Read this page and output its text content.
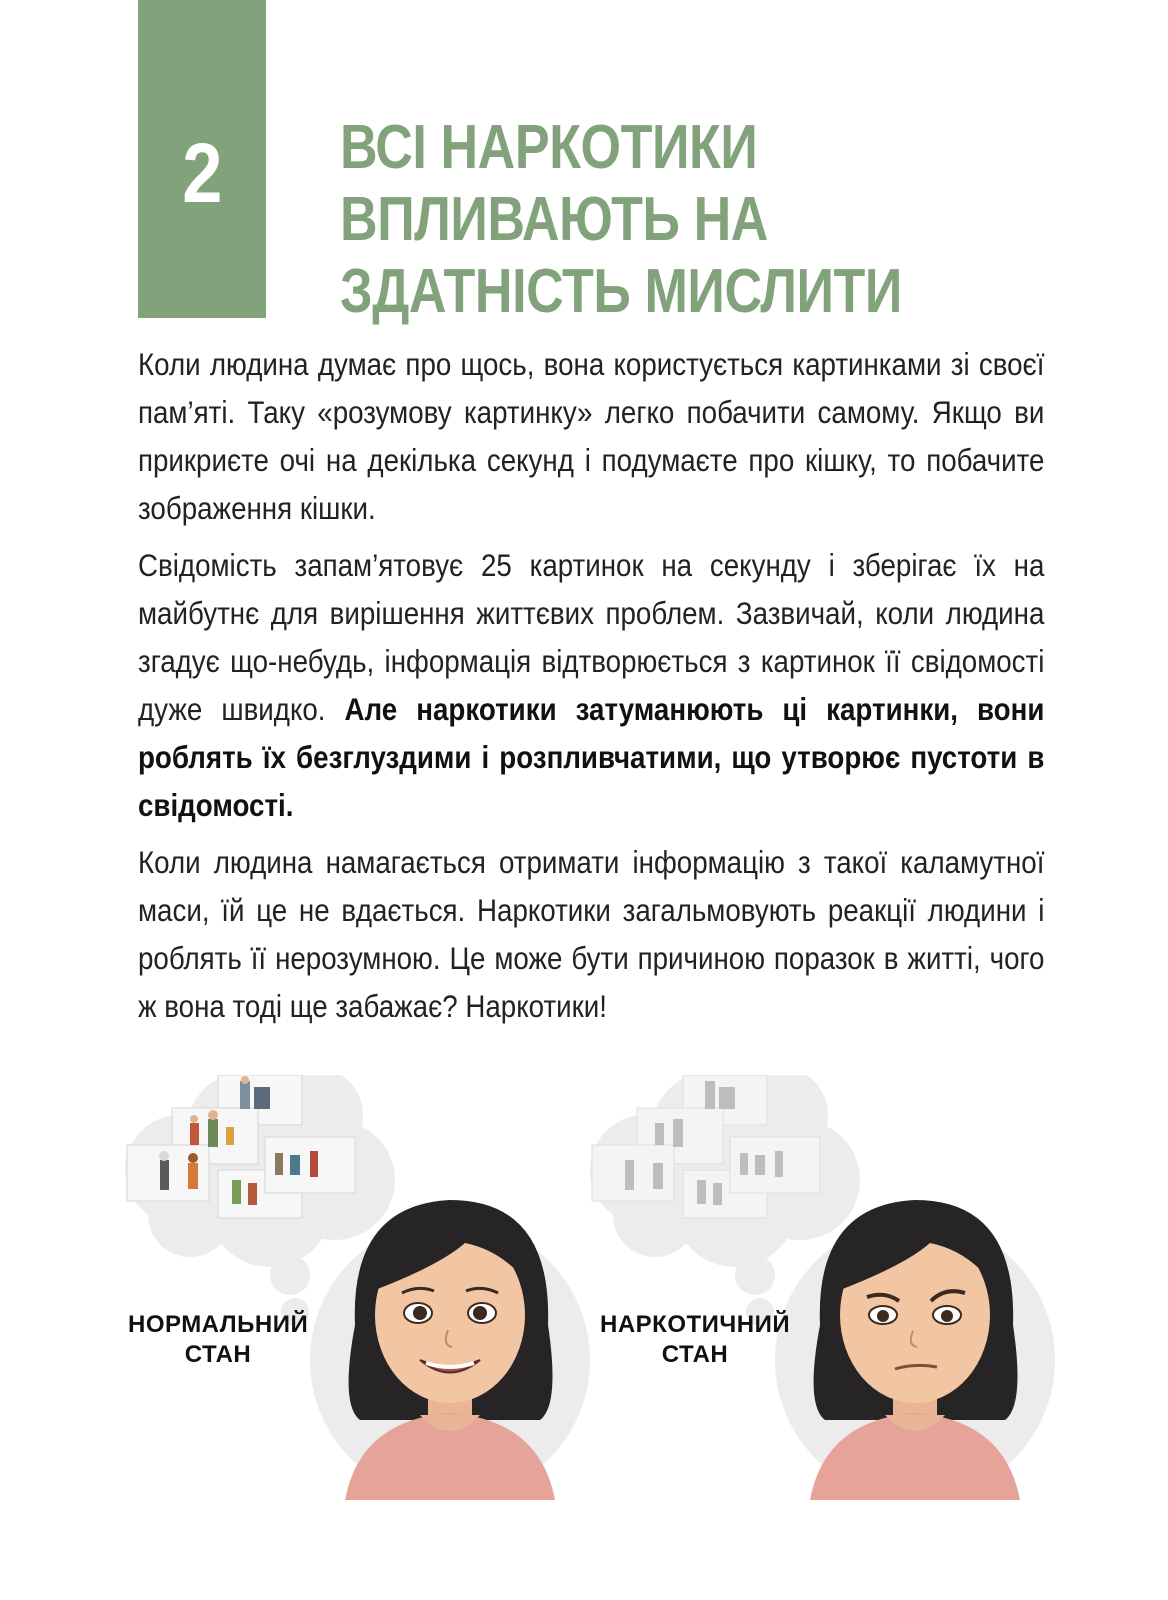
2 ВСІ НАРКОТИКИ
ВПЛИВАЮТЬ НА
ЗДАТНІСТЬ МИСЛИТИ

Коли людина думає про щось, вона користується картинками зі своєї пам’яті. Таку «розумову картинку» легко побачити самому. Якщо ви прикриєте очі на декілька секунд і подумаєте про кішку, то побачите зображення кішки.

Свідомість запам’ятовує 25 картинок на секунду і зберігає їх на майбутнє для вирішення життєвих проблем. Зазвичай, коли людина згадує що-небудь, інформація відтворюється з картинок її свідомості дуже швидко. Але наркотики затуманюють ці картинки, вони роблять їх безглуздими і розпливчатими, що утворює пустоти в свідомості.

Коли людина намагається отримати інформацію з такої каламутної маси, їй це не вдається. Наркотики загальмовують реакції людини і роблять її нерозумною. Це може бути причиною поразок в житті, чого ж вона тоді ще забажає? Наркотики!

НОРМАЛЬНИЙ
СТАН
НАРКОТИЧНИЙ
СТАН
